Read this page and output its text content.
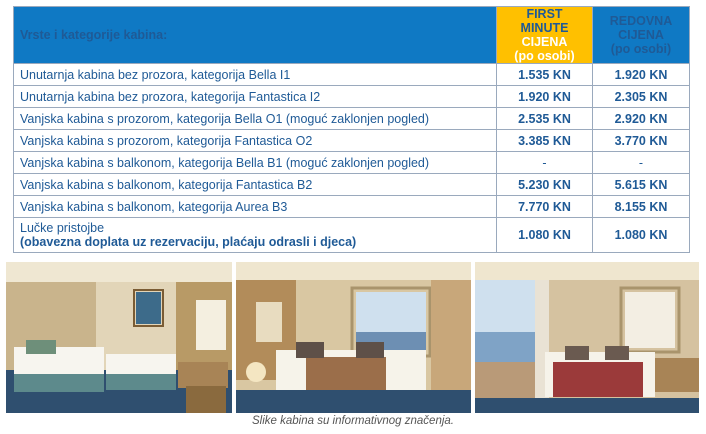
Vrste i kategorije kabina:	FIRST MINUTE
CIJENA
(po osobi)	REDOVNA
CIJENA
(po osobi)

Unutarnja kabina bez prozora, kategorija Bella I1	1.535 KN	1.920 KN
Unutarnja kabina bez prozora, kategorija Fantastica I2	1.920 KN	2.305 KN
Vanjska kabina s prozorom, kategorija Bella O1 (moguć zaklonjen pogled)	2.535 KN	2.920 KN
Vanjska kabina s prozorom, kategorija Fantastica O2	3.385 KN	3.770 KN
Vanjska kabina s balkonom, kategorija Bella B1 (moguć zaklonjen pogled)	-	-
Vanjska kabina s balkonom, kategorija Fantastica B2	5.230 KN	5.615 KN
Vanjska kabina s balkonom, kategorija Aurea B3	7.770 KN	8.155 KN
Lučke pristojbe
(obavezna doplata uz rezervaciju, plaćaju odrasli i djeca)	1.080 KN	1.080 KN
Slike kabina su informativnog značenja.
